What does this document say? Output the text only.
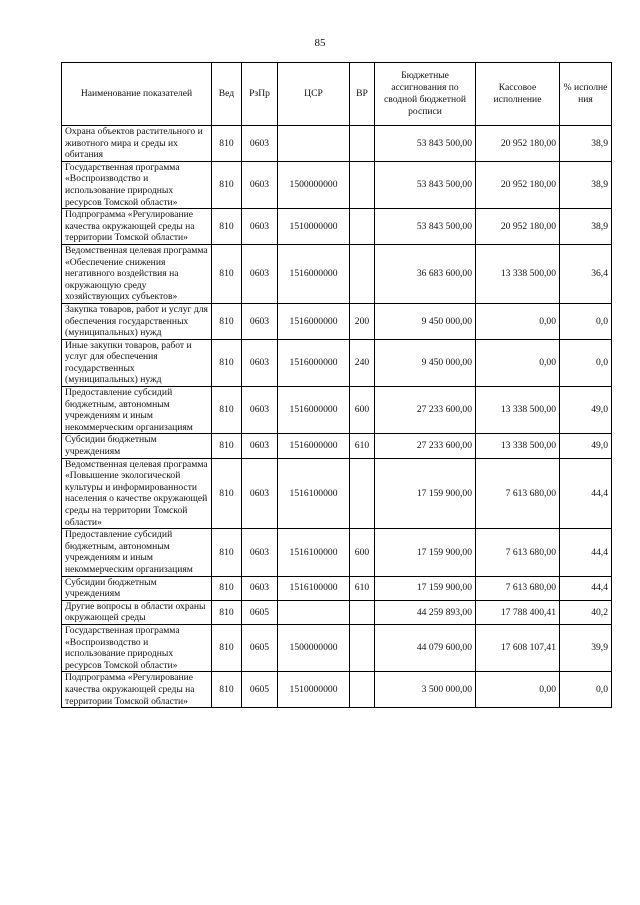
85
Наименование показателей	Вед	РзПр	ЦСР	ВР	Бюджетные ассигнования по сводной бюджетной росписи	Кассовое исполнение	% исполне ния
Охрана объектов растительного и животного мира и среды их обитания	810	0603			53 843 500,00	20 952 180,00	38,9
Государственная программа «Воспроизводство и использование природных ресурсов Томской области»	810	0603	1500000000		53 843 500,00	20 952 180,00	38,9
Подпрограмма «Регулирование качества окружающей среды на территории Томской области»	810	0603	1510000000		53 843 500,00	20 952 180,00	38,9
Ведомственная целевая программа «Обеспечение снижения негативного воздействия на окружающую среду хозяйствующих субъектов»	810	0603	1516000000		36 683 600,00	13 338 500,00	36,4
Закупка товаров, работ и услуг для обеспечения государственных (муниципальных) нужд	810	0603	1516000000	200	9 450 000,00	0,00	0,0
Иные закупки товаров, работ и услуг для обеспечения государственных (муниципальных) нужд	810	0603	1516000000	240	9 450 000,00	0,00	0,0
Предоставление субсидий бюджетным, автономным учреждениям и иным некоммерческим организациям	810	0603	1516000000	600	27 233 600,00	13 338 500,00	49,0
Субсидии бюджетным учреждениям	810	0603	1516000000	610	27 233 600,00	13 338 500,00	49,0
Ведомственная целевая программа «Повышение экологической культуры и информированности населения о качестве окружающей среды на территории Томской области»	810	0603	1516100000		17 159 900,00	7 613 680,00	44,4
Предоставление субсидий бюджетным, автономным учреждениям и иным некоммерческим организациям	810	0603	1516100000	600	17 159 900,00	7 613 680,00	44,4
Субсидии бюджетным учреждениям	810	0603	1516100000	610	17 159 900,00	7 613 680,00	44,4
Другие вопросы в области охраны окружающей среды	810	0605			44 259 893,00	17 788 400,41	40,2
Государственная программа «Воспроизводство и использование природных ресурсов Томской области»	810	0605	1500000000		44 079 600,00	17 608 107,41	39,9
Подпрограмма «Регулирование качества окружающей среды на территории Томской области»	810	0605	1510000000		3 500 000,00	0,00	0,0
